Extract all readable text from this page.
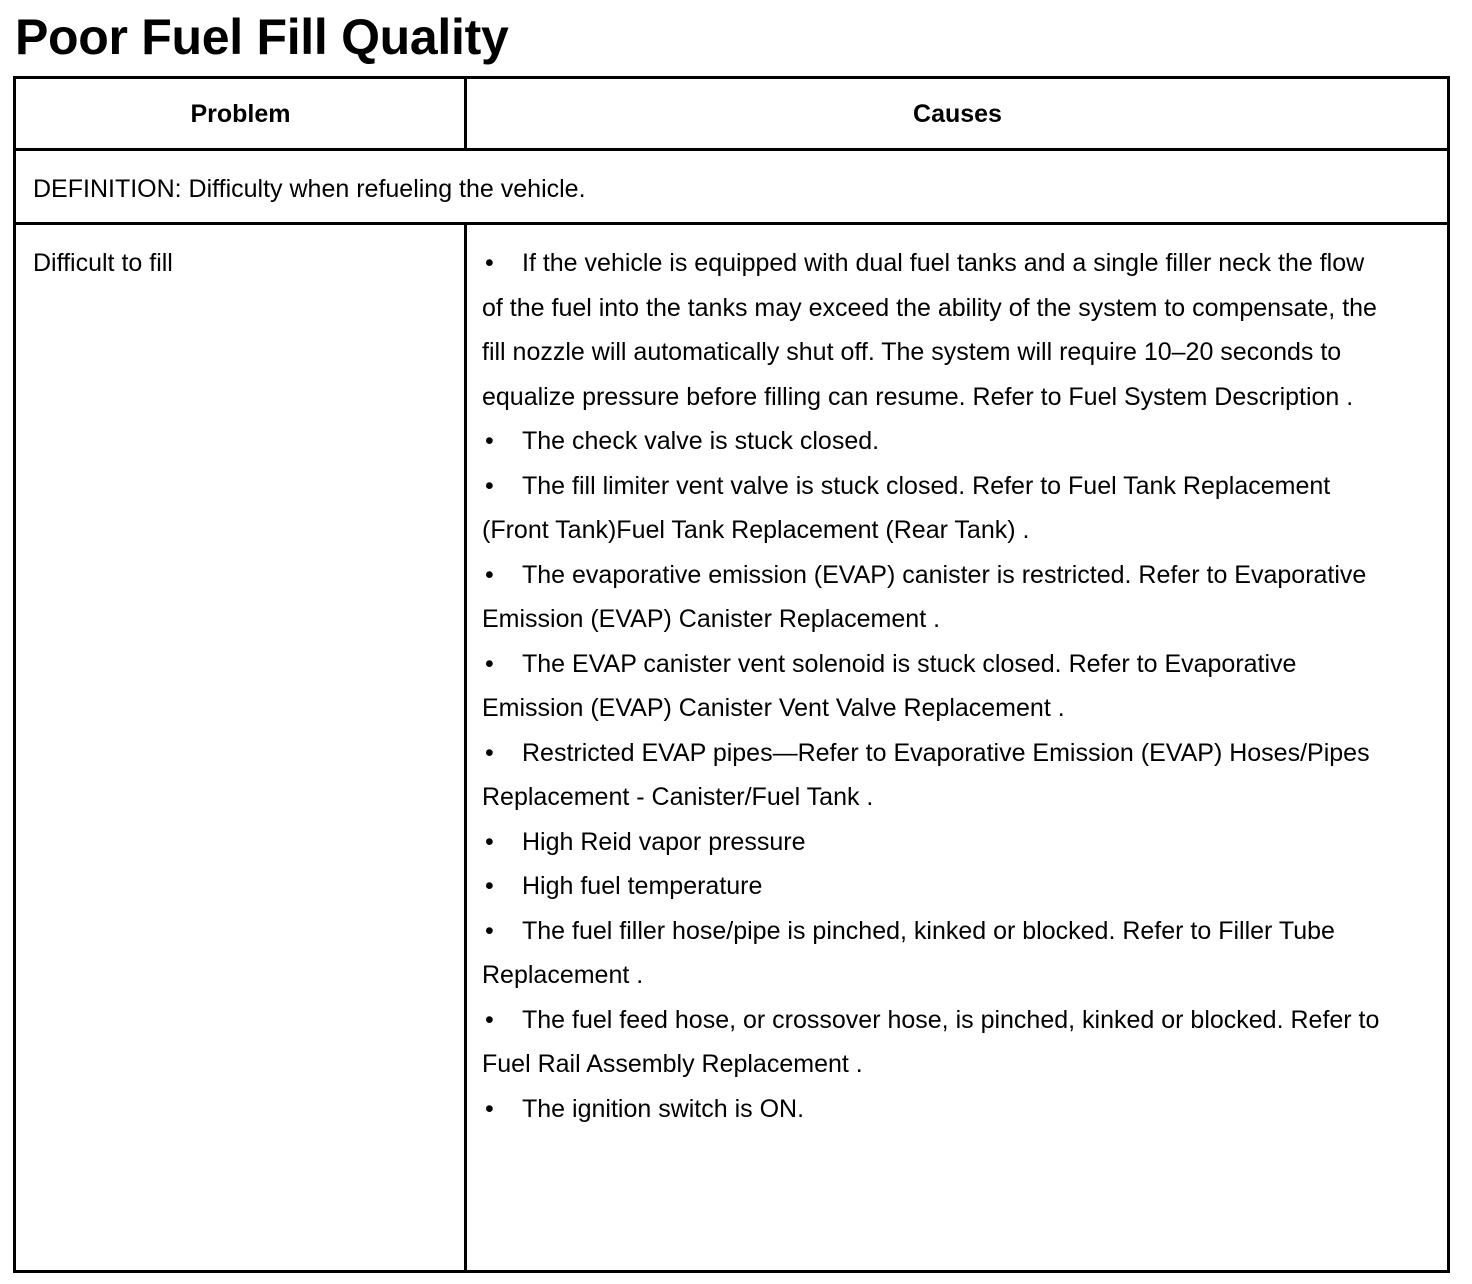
Poor Fuel Fill Quality
Problem	Causes
DEFINITION: Difficulty when refueling the vehicle.
Difficult to fill	• If the vehicle is equipped with dual fuel tanks and a single filler neck the flow of the fuel into the tanks may exceed the ability of the system to compensate, the fill nozzle will automatically shut off. The system will require 10–20 seconds to equalize pressure before filling can resume. Refer to Fuel System Description .
• The check valve is stuck closed.
• The fill limiter vent valve is stuck closed. Refer to Fuel Tank Replacement (Front Tank)Fuel Tank Replacement (Rear Tank) .
• The evaporative emission (EVAP) canister is restricted. Refer to Evaporative Emission (EVAP) Canister Replacement .
• The EVAP canister vent solenoid is stuck closed. Refer to Evaporative Emission (EVAP) Canister Vent Valve Replacement .
• Restricted EVAP pipes—Refer to Evaporative Emission (EVAP) Hoses/Pipes Replacement - Canister/Fuel Tank .
• High Reid vapor pressure
• High fuel temperature
• The fuel filler hose/pipe is pinched, kinked or blocked. Refer to Filler Tube Replacement .
• The fuel feed hose, or crossover hose, is pinched, kinked or blocked. Refer to Fuel Rail Assembly Replacement .
• The ignition switch is ON.
